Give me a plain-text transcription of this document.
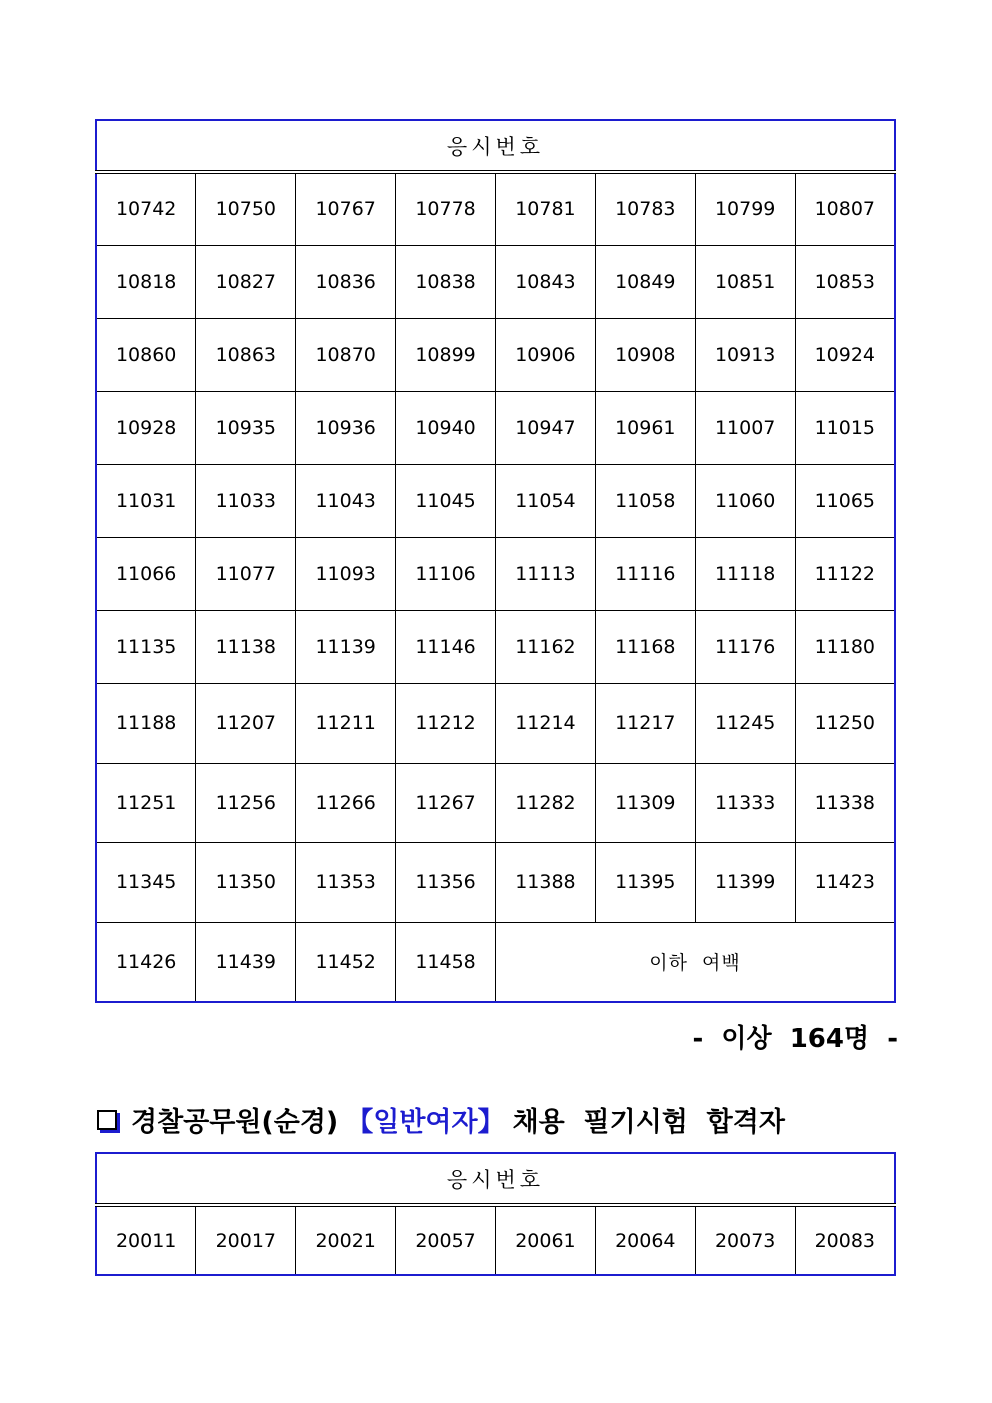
응시번호							
10742	10750	10767	10778	10781	10783	10799	10807
10818	10827	10836	10838	10843	10849	10851	10853
10860	10863	10870	10899	10906	10908	10913	10924
10928	10935	10936	10940	10947	10961	11007	11015
11031	11033	11043	11045	11054	11058	11060	11065
11066	11077	11093	11106	11113	11116	11118	11122
11135	11138	11139	11146	11162	11168	11176	11180
11188	11207	11211	11212	11214	11217	11245	11250
11251	11256	11266	11267	11282	11309	11333	11338
11345	11350	11353	11356	11388	11395	11399	11423
11426	11439	11452	11458	이하  여백			
-  이상  164명  -
경찰공무원(순경) 【일반여자】 채용  필기시험  합격자
응시번호
20011	20017	20021	20057	20061	20064	20073	20083
